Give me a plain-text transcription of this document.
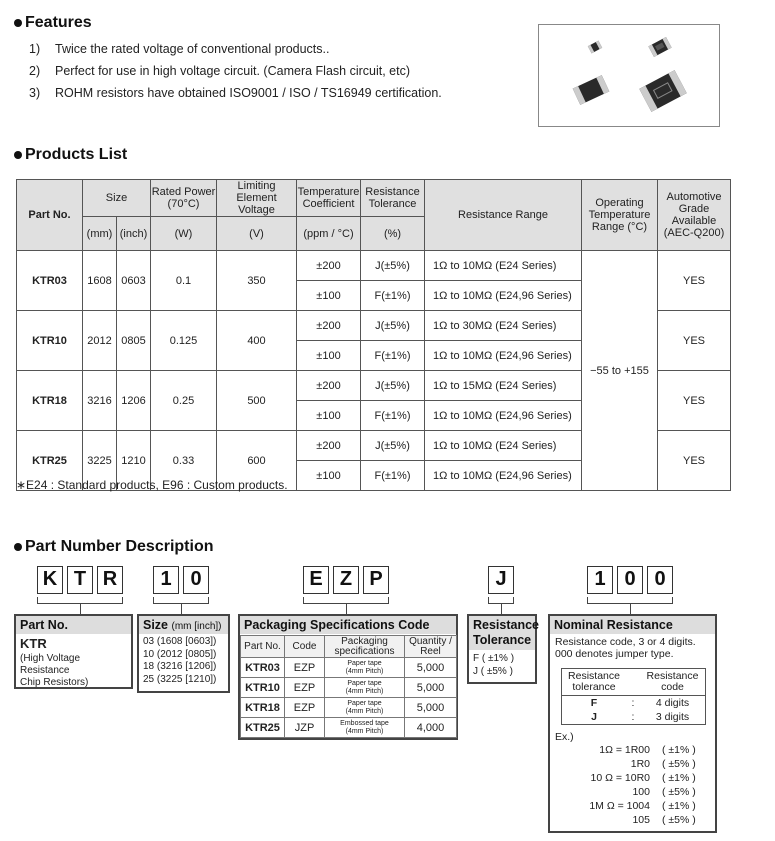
Features
1) Twice the rated voltage of conventional products..
2) Perfect for use in high voltage circuit. (Camera Flash circuit, etc)
3) ROHM resistors have obtained ISO9001 / ISO / TS16949 certification.
Products List
Part No.	Size		Rated Power (70°C)	Limiting Element Voltage	Temperature Coefficient	Resistance Tolerance	Resistance Range	Operating Temperature Range (°C)	Automotive Grade Available (AEC-Q200)
	(mm)	(inch)	(W)	(V)	(ppm / °C)	(%)			
KTR03	1608	0603	0.1	350	±200	J(±5%)	1Ω to 10MΩ (E24 Series)	−55 to +155	YES
					±100	F(±1%)	1Ω to 10MΩ (E24,96 Series)		
KTR10	2012	0805	0.125	400	±200	J(±5%)	1Ω to 30MΩ (E24 Series)		YES
					±100	F(±1%)	1Ω to 10MΩ (E24,96 Series)		
KTR18	3216	1206	0.25	500	±200	J(±5%)	1Ω to 15MΩ (E24 Series)		YES
					±100	F(±1%)	1Ω to 10MΩ (E24,96 Series)		
KTR25	3225	1210	0.33	600	±200	J(±5%)	1Ω to 10MΩ (E24 Series)		YES
					±100	F(±1%)	1Ω to 10MΩ (E24,96 Series)		
∗E24 : Standard products, E96 : Custom products.
Part Number Description
K T R	1 0	E Z P	J	1 0 0
Part No.
KTR
(High Voltage Resistance
Chip Resistors)
Size (mm [inch])
03 (1608 [0603])
10 (2012 [0805])
18 (3216 [1206])
25 (3225 [1210])
Packaging Specifications Code
Part No.	Code	Packaging specifications	Quantity / Reel
KTR03	EZP	Paper tape
(4mm Pitch)	5,000
KTR10	EZP	Paper tape
(4mm Pitch)	5,000
KTR18	EZP	Paper tape
(4mm Pitch)	5,000
KTR25	JZP	Embossed tape
(4mm Pitch)	4,000
Resistance
Tolerance
F ( ±1% )
J ( ±5% )
Nominal Resistance
Resistance code, 3 or 4 digits.
000 denotes jumper type.
Resistance tolerance		Resistance code
F	:	4 digits
J	:	3 digits
Ex.)
1Ω = 1R00	( ±1% )
1R0	( ±5% )
10 Ω = 10R0	( ±1% )
100	( ±5% )
1M Ω = 1004	( ±1% )
105	( ±5% )
